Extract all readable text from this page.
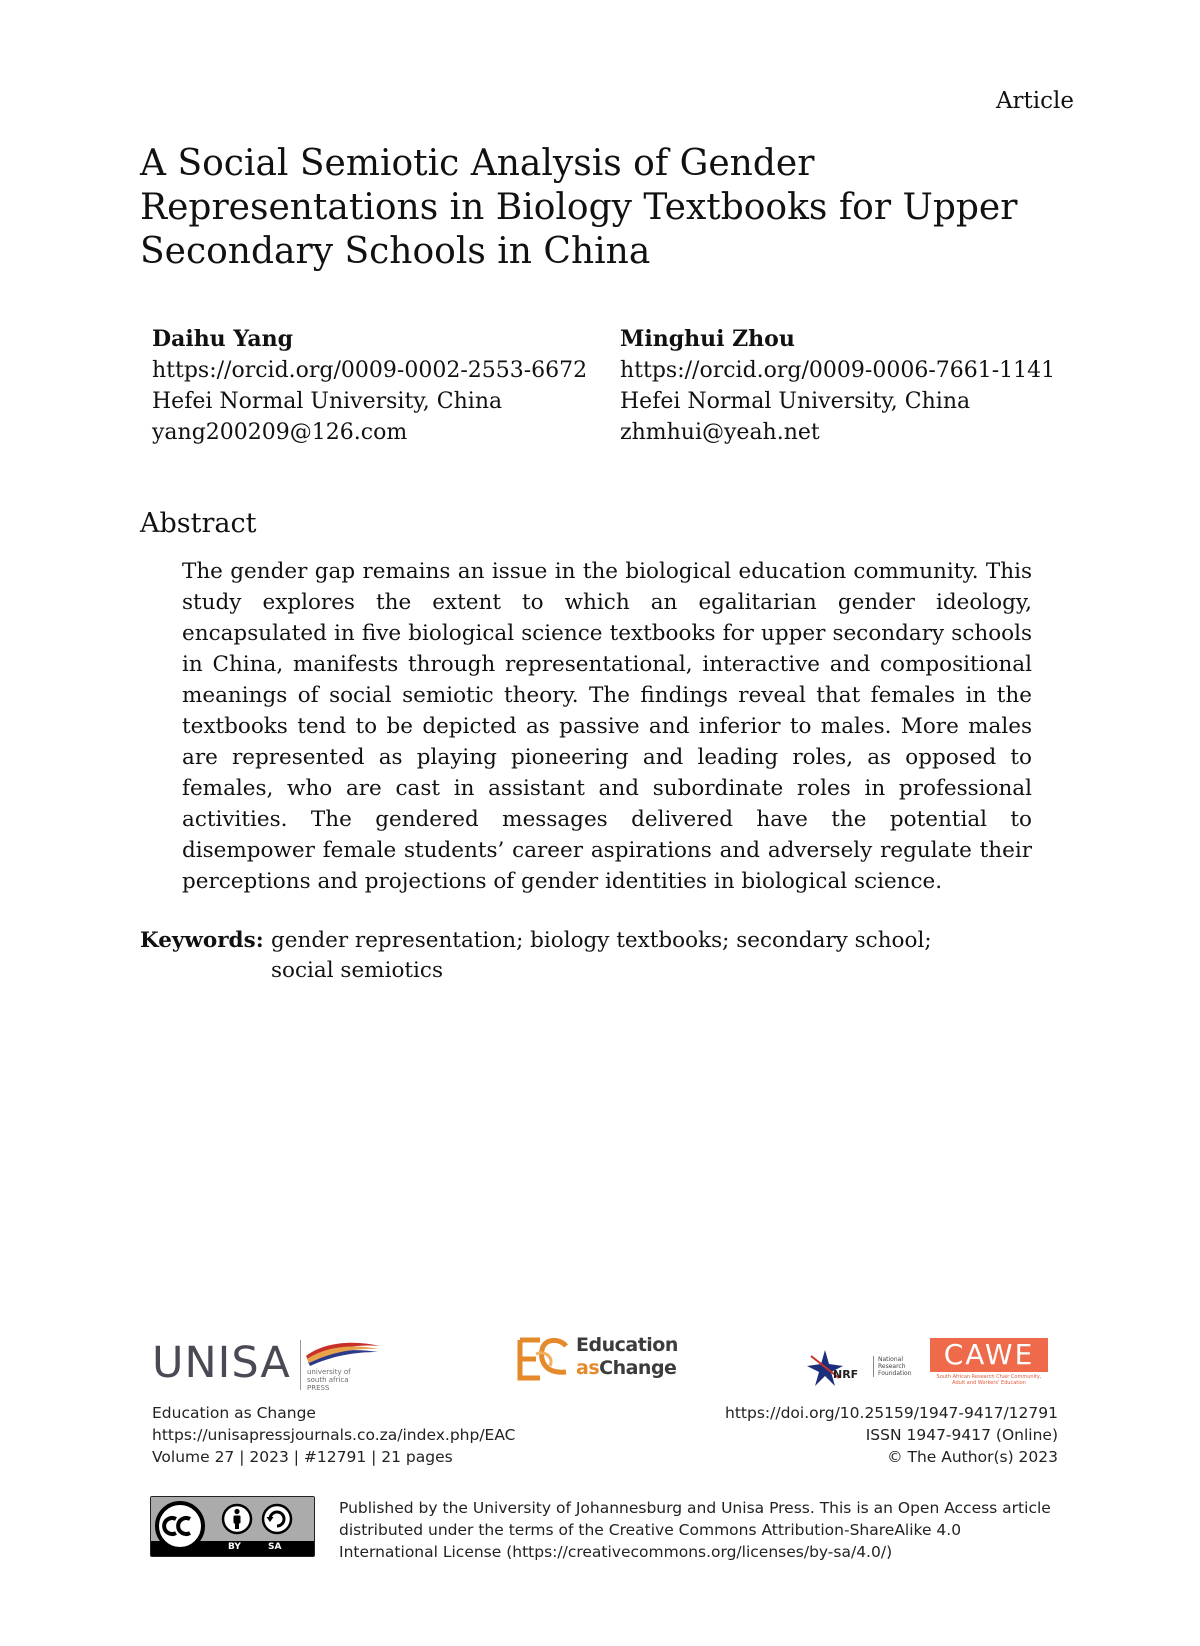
Article
A Social Semiotic Analysis of Gender
Representations in Biology Textbooks for Upper
Secondary Schools in China
Daihu Yang
https://orcid.org/0009-0002-2553-6672
Hefei Normal University, China
yang200209@126.com
Minghui Zhou
https://orcid.org/0009-0006-7661-1141
Hefei Normal University, China
zhmhui@yeah.net
Abstract

The gender gap remains an issue in the biological education community. This study explores the extent to which an egalitarian gender ideology, encapsulated in five biological science textbooks for upper secondary schools in China, manifests through representational, interactive and compositional meanings of social semiotic theory. The findings reveal that females in the textbooks tend to be depicted as passive and inferior to males. More males are represented as playing pioneering and leading roles, as opposed to females, who are cast in assistant and subordinate roles in professional activities. The gendered messages delivered have the potential to disempower female students’ career aspirations and adversely regulate their perceptions and projections of gender identities in biological science.

Keywords: gender representation; biology textbooks; secondary school; social semiotics
UNISA university of south africa PRESS
Education
asChange	NRF
National Research Foundation
CAWE
South African Research Chair Community, Adult and Workers' Education
Education as Change
https://unisapressjournals.co.za/index.php/EAC
Volume 27 | 2023 | #12791 | 21 pages
https://doi.org/10.25159/1947-9417/12791
ISSN 1947-9417 (Online)
© The Author(s) 2023
BY	SA
Published by the University of Johannesburg and Unisa Press. This is an Open Access article distributed under the terms of the Creative Commons Attribution-ShareAlike 4.0 International License (https://creativecommons.org/licenses/by-sa/4.0/)
